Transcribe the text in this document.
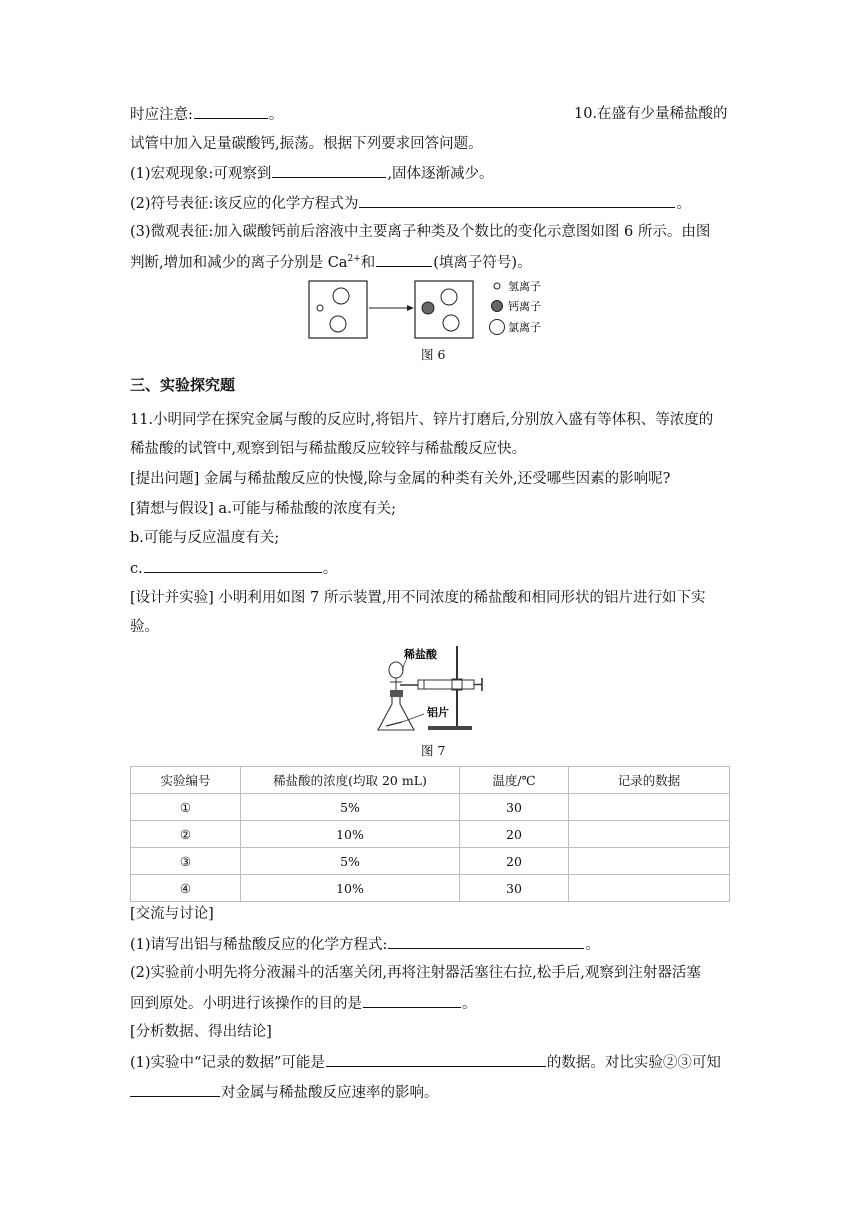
时应注意:	。	10.在盛有少量稀盐酸的
试管中加入足量碳酸钙,振荡。根据下列要求回答问题。
(1)宏观现象:可观察到	,固体逐渐减少。
(2)符号表征:该反应的化学方程式为	。
(3)微观表征:加入碳酸钙前后溶液中主要离子种类及个数比的变化示意图如图 6 所示。由图
判断,增加和减少的离子分别是 $Ca^{2+}$和	(填离子符号)。
氢离子
钙离子
氯离子
图 6
三、实验探究题
11.小明同学在探究金属与酸的反应时,将铝片、锌片打磨后,分别放入盛有等体积、等浓度的
稀盐酸的试管中,观察到铝与稀盐酸反应较锌与稀盐酸反应快。
[提出问题] 金属与稀盐酸反应的快慢,除与金属的种类有关外,还受哪些因素的影响呢?
[猜想与假设] a.可能与稀盐酸的浓度有关;
b.可能与反应温度有关;
c.	。
[设计并实验] 小明利用如图 7 所示装置,用不同浓度的稀盐酸和相同形状的铝片进行如下实
验。
稀盐酸
铝片
图 7
实验编号	稀盐酸的浓度(均取 20 mL)	温度/℃	记录的数据
①	5%	30	
②	10%	20	
③	5%	20	
④	10%	30	
[交流与讨论]
(1)请写出铝与稀盐酸反应的化学方程式:	。
(2)实验前小明先将分液漏斗的活塞关闭,再将注射器活塞往右拉,松手后,观察到注射器活塞
回到原处。小明进行该操作的目的是	。
[分析数据、得出结论]
(1)实验中“记录的数据”可能是	的数据。对比实验②③可知
对金属与稀盐酸反应速率的影响。
